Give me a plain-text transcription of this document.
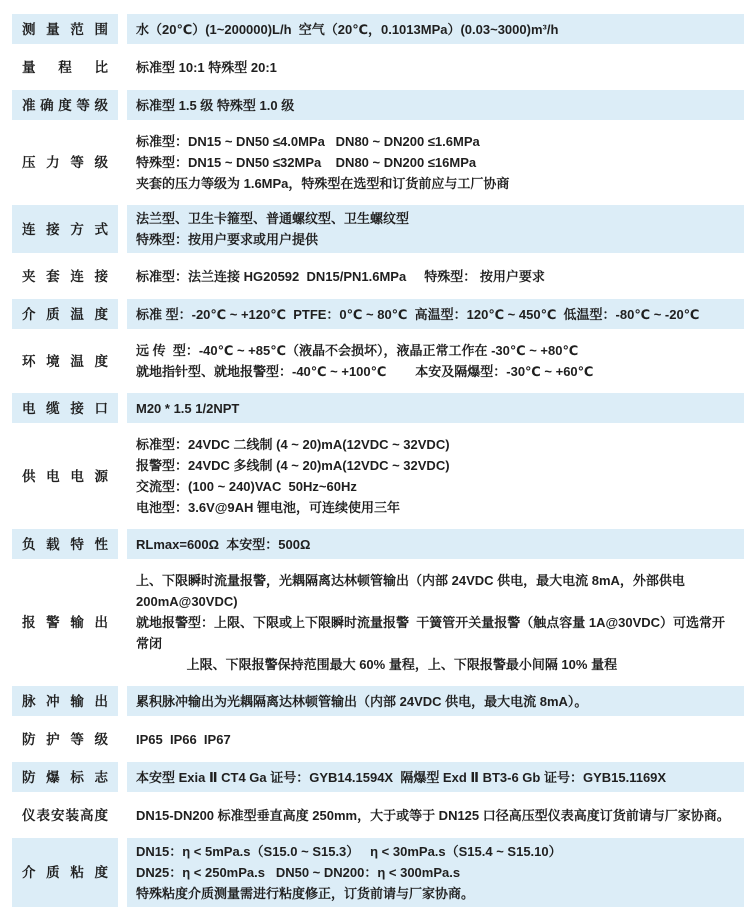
测量范围 水（20℃）(1~200000)L/h  空气（20℃，0.1013MPa）(0.03~3000)m³/h
量程比 标准型 10:1 特殊型 20:1
准确度等级 标准型 1.5 级 特殊型 1.0 级
压力等级
标准型：DN15 ~ DN50 ≤4.0MPa   DN80 ~ DN200 ≤1.6MPa
特殊型：DN15 ~ DN50 ≤32MPa    DN80 ~ DN200 ≤16MPa
夹套的压力等级为 1.6MPa，特殊型在选型和订货前应与工厂协商
连接方式
法兰型、卫生卡箍型、普通螺纹型、卫生螺纹型
特殊型：按用户要求或用户提供
夹套连接 标准型：法兰连接 HG20592  DN15/PN1.6MPa     特殊型： 按用户要求
介质温度 标准 型：-20℃ ~ +120℃  PTFE：0℃ ~ 80℃  高温型：120℃ ~ 450℃  低温型：-80℃ ~ -20℃
环境温度
远 传  型：-40℃ ~ +85℃（液晶不会损坏），液晶正常工作在 -30℃ ~ +80℃
就地指针型、就地报警型：-40℃ ~ +100℃        本安及隔爆型：-30℃ ~ +60℃
电缆接口 M20 * 1.5 1/2NPT
供电电源
标准型：24VDC 二线制 (4 ~ 20)mA(12VDC ~ 32VDC)
报警型：24VDC 多线制 (4 ~ 20)mA(12VDC ~ 32VDC)
交流型：(100 ~ 240)VAC  50Hz~60Hz
电池型：3.6V@9AH 锂电池，可连续使用三年
负载特性 RLmax=600Ω  本安型：500Ω
报警输出
上、下限瞬时流量报警，光耦隔离达林顿管输出（内部 24VDC 供电，最大电流 8mA，外部供电 200mA@30VDC)
就地报警型：上限、下限或上下限瞬时流量报警  干簧管开关量报警（触点容量 1A@30VDC）可选常开常闭
上限、下限报警保持范围最大 60% 量程，上、下限报警最小间隔 10% 量程
脉冲输出 累积脉冲输出为光耦隔离达林顿管输出（内部 24VDC 供电，最大电流 8mA）。
防护等级 IP65  IP66  IP67
防爆标志 本安型 Exia Ⅱ CT4 Ga 证号：GYB14.1594X  隔爆型 Exd Ⅱ BT3-6 Gb 证号：GYB15.1169X
仪表安装高度 DN15-DN200 标准型垂直高度 250mm，大于或等于 DN125 口径高压型仪表高度订货前请与厂家协商。
介质粘度
DN15：η < 5mPa.s（S15.0 ~ S15.3）   η < 30mPa.s（S15.4 ~ S15.10）
DN25：η < 250mPa.s   DN50 ~ DN200：η < 300mPa.s
特殊粘度介质测量需进行粘度修正，订货前请与厂家协商。
